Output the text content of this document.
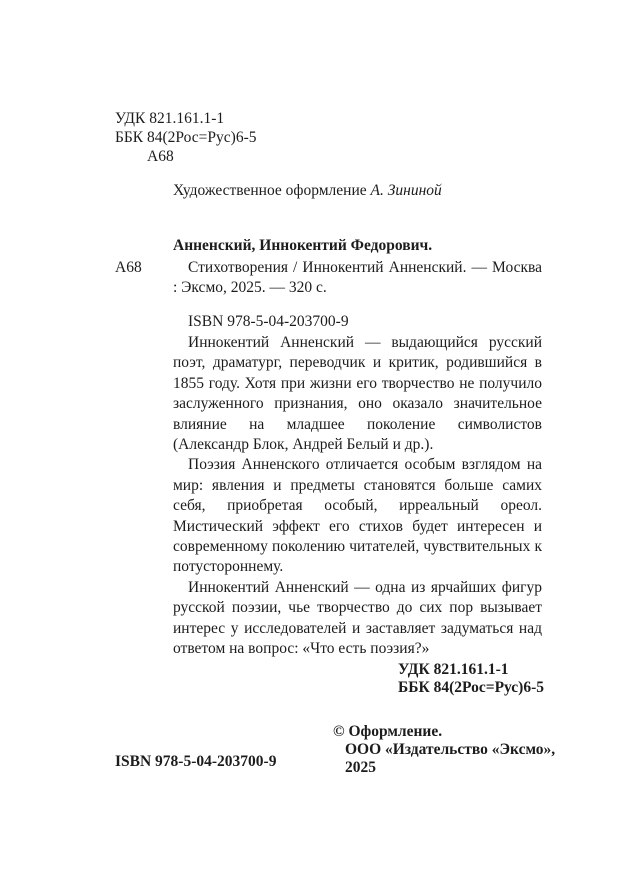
УДК 821.161.1-1
ББК 84(2Рос=Рус)6-5
А68
Художественное оформление А. Зининой
Анненский, Иннокентий Федорович.
А68	Стихотворения / Иннокентий Анненский. — Москва : Эксмо, 2025. — 320 с.

ISBN 978-5-04-203700-9

Иннокентий Анненский — выдающийся русский поэт, драматург, переводчик и критик, родившийся в 1855 году. Хотя при жизни его творчество не получило заслуженного признания, оно оказало значительное влияние на младшее поколение символистов (Александр Блок, Андрей Белый и др.).

Поэзия Анненского отличается особым взглядом на мир: явления и предметы становятся больше самих себя, приобретая особый, ирреальный ореол. Мистический эффект его стихов будет интересен и современному поколению читателей, чувствительных к потустороннему.

Иннокентий Анненский — одна из ярчайших фигур русской поэзии, чье творчество до сих пор вызывает интерес у исследователей и заставляет задуматься над ответом на вопрос: «Что есть поэзия?»

УДК 821.161.1-1
ББК 84(2Рос=Рус)6-5
ISBN 978-5-04-203700-9
© Оформление.
ООО «Издательство «Эксмо»,
2025
